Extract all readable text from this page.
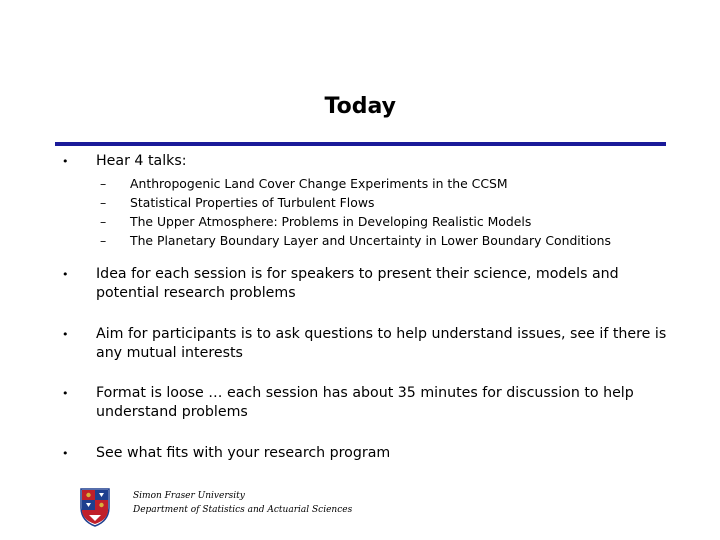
Today
• Hear 4 talks:
–	Anthropogenic Land Cover Change Experiments in the CCSM
–	Statistical Properties of Turbulent Flows
–	The Upper Atmosphere: Problems in Developing Realistic Models
–	The Planetary Boundary Layer and Uncertainty in Lower Boundary Conditions
• Idea for each session is for speakers to present their science, models and potential research problems
• Aim for participants is to ask questions to help understand issues, see if there is any mutual interests
• Format is loose … each session has about 35 minutes for discussion to help understand problems
• See what fits with your research program
Simon Fraser University
Department of Statistics and Actuarial Sciences
